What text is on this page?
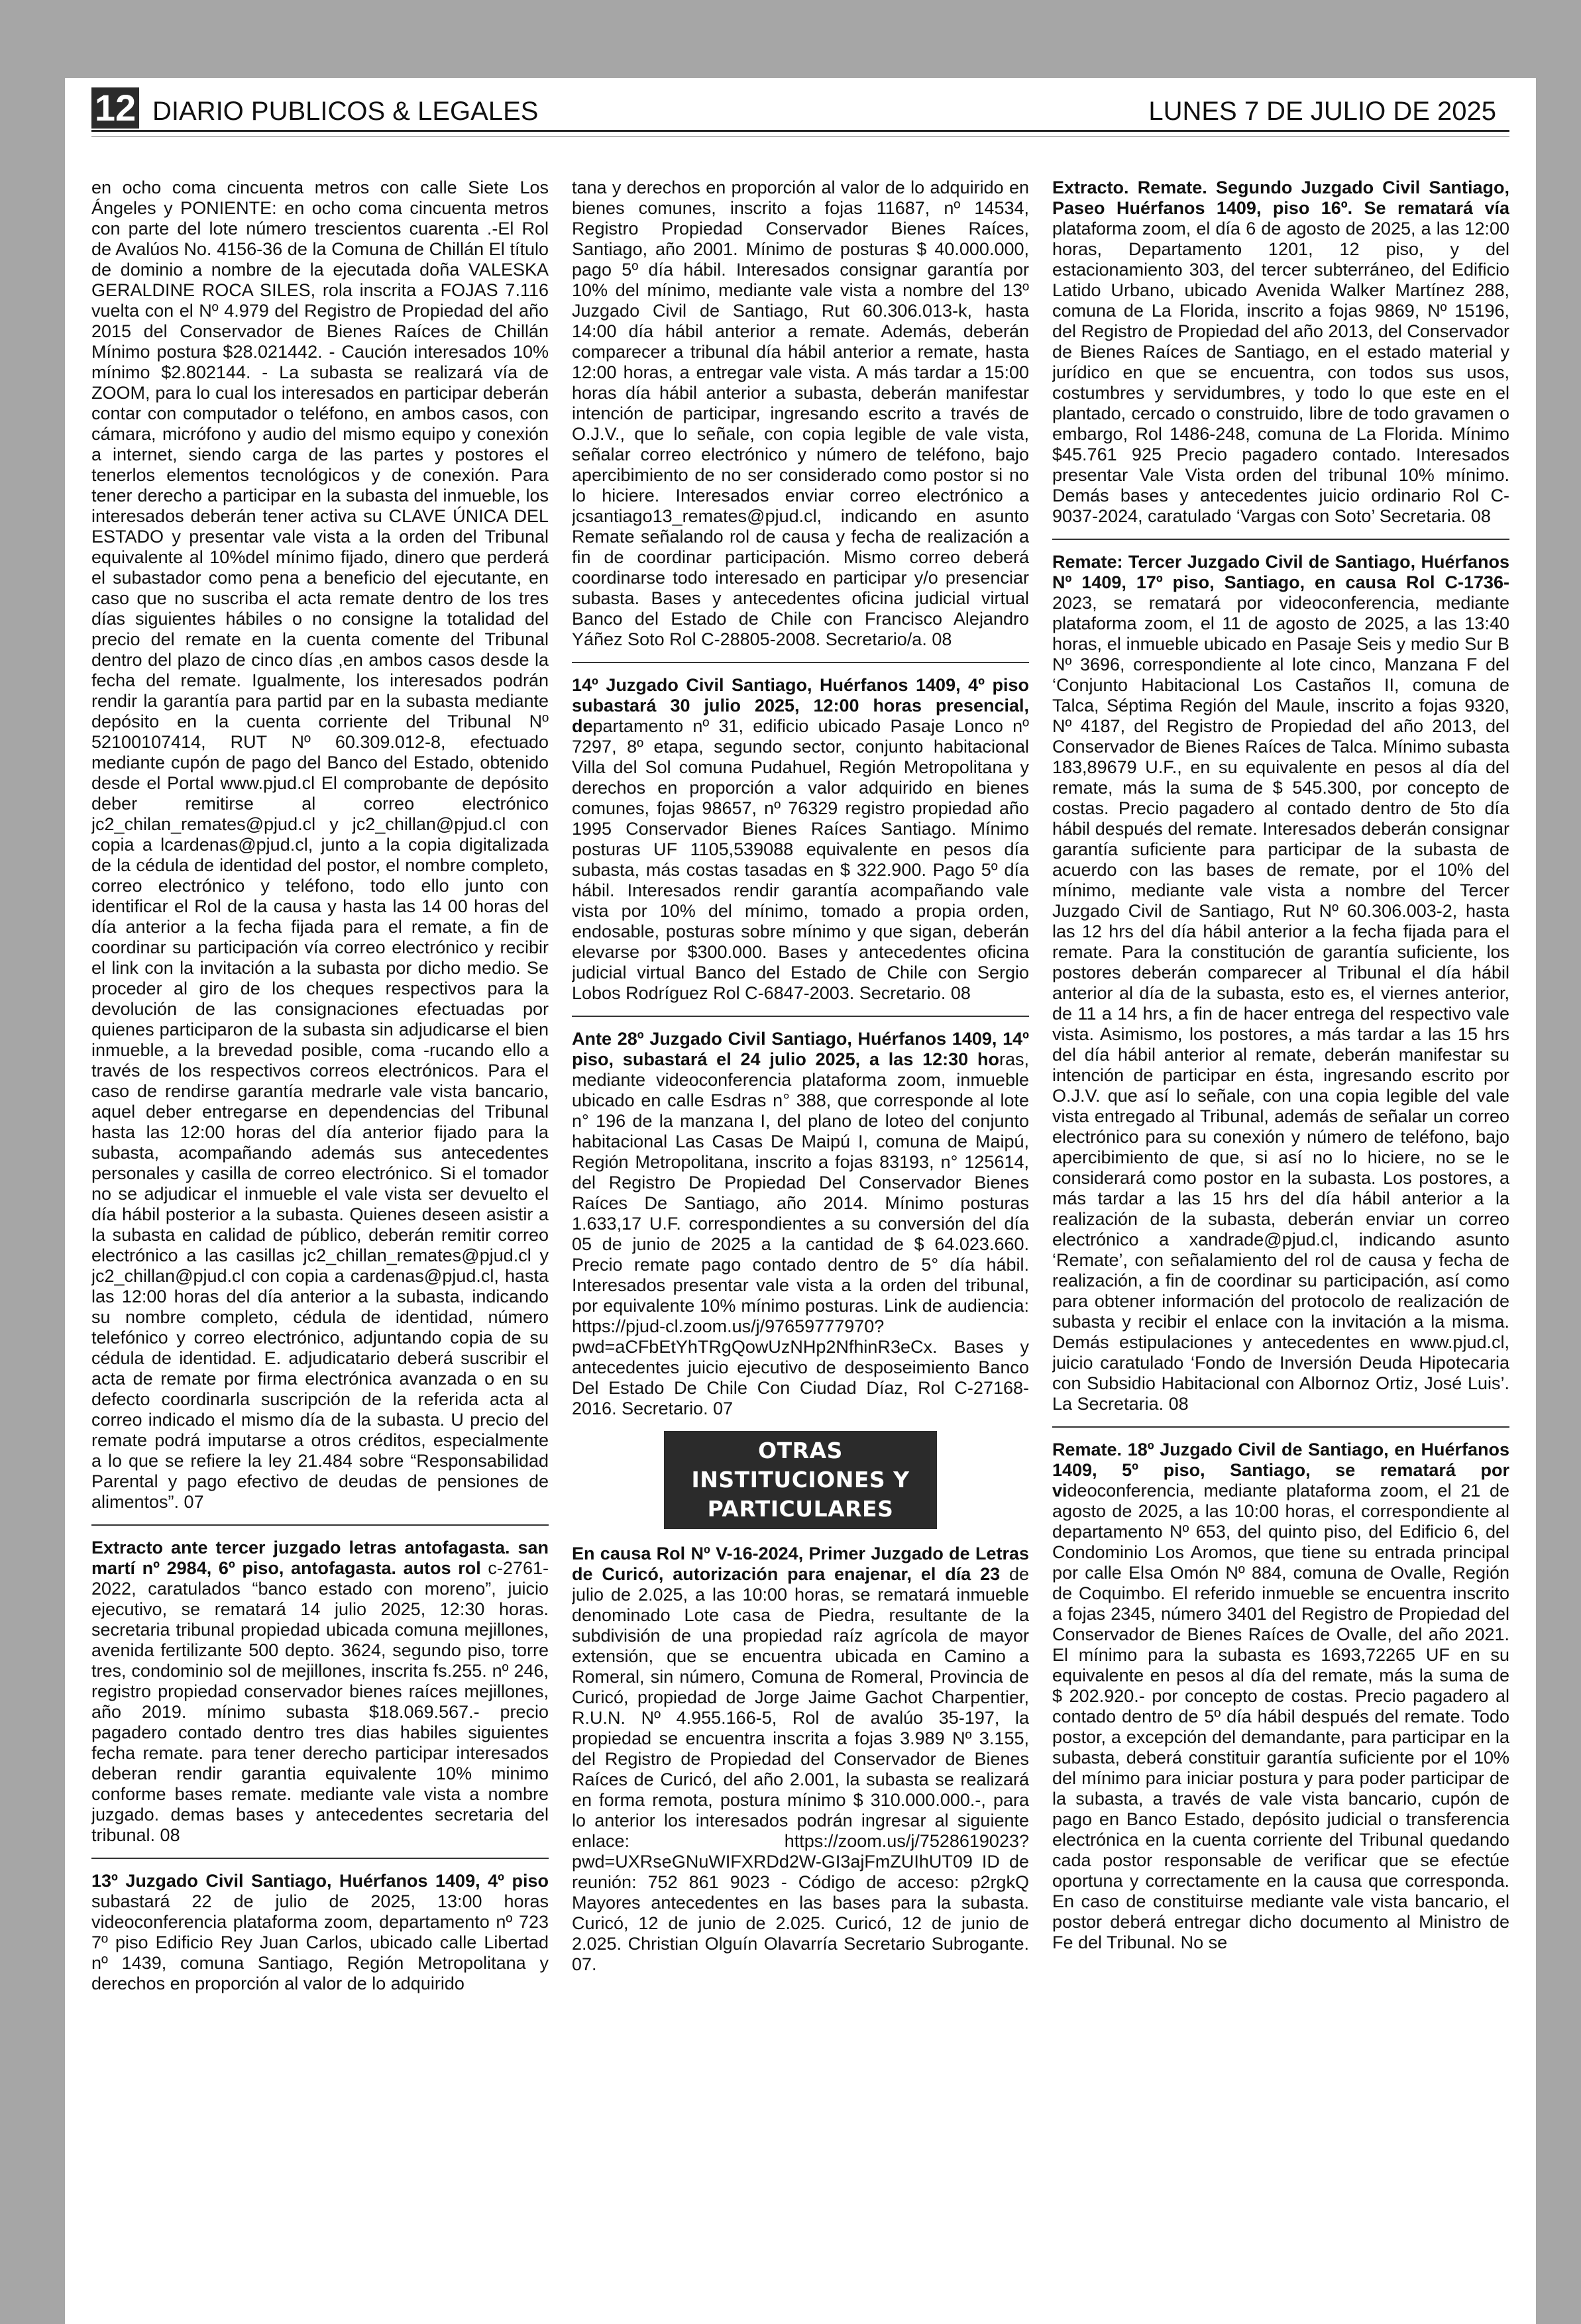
12 DIARIO PUBLICOS & LEGALES	LUNES 7 DE JULIO DE 2025

en ocho coma cincuenta metros con calle Siete Los Ángeles y PONIENTE: en ocho coma cincuenta metros con parte del lote número trescientos cuarenta .-El Rol de Avalúos No. 4156-36 de la Comuna de Chillán El título de dominio a nombre de la ejecutada doña VALESKA GERALDINE ROCA SILES, rola inscrita a FOJAS 7.116 vuelta con el Nº 4.979 del Registro de Propiedad del año 2015 del Conservador de Bienes Raíces de Chillán Mínimo postura $28.021442. - Caución interesados 10% mínimo $2.802144. - La subasta se realizará vía de ZOOM, para lo cual los interesados en participar deberán contar con computador o teléfono, en ambos casos, con cámara, micrófono y audio del mismo equipo y conexión a internet, siendo carga de las partes y postores el tenerlos elementos tecnológicos y de conexión. Para tener derecho a participar en la subasta del inmueble, los interesados deberán tener activa su CLAVE ÚNICA DEL ESTADO y presentar vale vista a la orden del Tribunal equivalente al 10%del mínimo fijado, dinero que perderá el subastador como pena a beneficio del ejecutante, en caso que no suscriba el acta remate dentro de los tres días siguientes hábiles o no consigne la totalidad del precio del remate en la cuenta comente del Tribunal dentro del plazo de cinco días ,en ambos casos desde la fecha del remate. Igualmente, los interesados podrán rendir la garantía para partid par en la subasta mediante depósito en la cuenta corriente del Tribunal Nº 52100107414, RUT Nº 60.309.012-8, efectuado mediante cupón de pago del Banco del Estado, obtenido desde el Portal www.pjud.cl El comprobante de depósito deber remitirse al correo electrónico jc2_chilan_remates@pjud.cl y jc2_chillan@pjud.cl con copia a lcardenas@pjud.cl, junto a la copia digitalizada de la cédula de identidad del postor, el nombre completo, correo electrónico y teléfono, todo ello junto con identificar el Rol de la causa y hasta las 14 00 horas del día anterior a la fecha fijada para el remate, a fin de coordinar su participación vía correo electrónico y recibir el link con la invitación a la subasta por dicho medio. Se proceder al giro de los cheques respectivos para la devolución de las consignaciones efectuadas por quienes participaron de la subasta sin adjudicarse el bien inmueble, a la brevedad posible, coma -rucando ello a través de los respectivos correos electrónicos. Para el caso de rendirse garantía medrarle vale vista bancario, aquel deber entregarse en dependencias del Tribunal hasta las 12:00 horas del día anterior fijado para la subasta, acompañando además sus antecedentes personales y casilla de correo electrónico. Si el tomador no se adjudicar el inmueble el vale vista ser devuelto el día hábil posterior a la subasta. Quienes deseen asistir a la subasta en calidad de público, deberán remitir correo electrónico a las casillas jc2_chillan_remates@pjud.cl y jc2_chillan@pjud.cl con copia a cardenas@pjud.cl, hasta las 12:00 horas del día anterior a la subasta, indicando su nombre completo, cédula de identidad, número telefónico y correo electrónico, adjuntando copia de su cédula de identidad. E. adjudicatario deberá suscribir el acta de remate por firma electrónica avanzada o en su defecto coordinarla suscripción de la referida acta al correo indicado el mismo día de la subasta. U precio del remate podrá imputarse a otros créditos, especialmente a lo que se refiere la ley 21.484 sobre “Responsabilidad Parental y pago efectivo de deudas de pensiones de alimentos”. 07

Extracto ante tercer juzgado letras antofagasta. san martí nº 2984, 6º piso, antofagasta. autos rol c-2761-2022, caratulados “banco estado con moreno”, juicio ejecutivo, se rematará 14 julio 2025, 12:30 horas. secretaria tribunal propiedad ubicada comuna mejillones, avenida fertilizante 500 depto. 3624, segundo piso, torre tres, condominio sol de mejillones, inscrita fs.255. nº 246, registro propiedad conservador bienes raíces mejillones, año 2019. mínimo subasta $18.069.567.- precio pagadero contado dentro tres dias habiles siguientes fecha remate. para tener derecho participar interesados deberan rendir garantia equivalente 10% minimo conforme bases remate. mediante vale vista a nombre juzgado. demas bases y antecedentes secretaria del tribunal. 08

13º Juzgado Civil Santiago, Huérfanos 1409, 4º piso subastará 22 de julio de 2025, 13:00 horas videoconferencia plataforma zoom, departamento nº 723 7º piso Edificio Rey Juan Carlos, ubicado calle Libertad nº 1439, comuna Santiago, Región Metropolitana y derechos en proporción al valor de lo adquirido

tana y derechos en proporción al valor de lo adquirido en bienes comunes, inscrito a fojas 11687, nº 14534, Registro Propiedad Conservador Bienes Raíces, Santiago, año 2001. Mínimo de posturas $ 40.000.000, pago 5º día hábil. Interesados consignar garantía por 10% del mínimo, mediante vale vista a nombre del 13º Juzgado Civil de Santiago, Rut 60.306.013-k, hasta 14:00 día hábil anterior a remate. Además, deberán comparecer a tribunal día hábil anterior a remate, hasta 12:00 horas, a entregar vale vista. A más tardar a 15:00 horas día hábil anterior a subasta, deberán manifestar intención de participar, ingresando escrito a través de O.J.V., que lo señale, con copia legible de vale vista, señalar correo electrónico y número de teléfono, bajo apercibimiento de no ser considerado como postor si no lo hiciere. Interesados enviar correo electrónico a jcsantiago13_remates@pjud.cl, indicando en asunto Remate señalando rol de causa y fecha de realización a fin de coordinar participación. Mismo correo deberá coordinarse todo interesado en participar y/o presenciar subasta. Bases y antecedentes oficina judicial virtual Banco del Estado de Chile con Francisco Alejandro Yáñez Soto Rol C-28805-2008. Secretario/a. 08

14º Juzgado Civil Santiago, Huérfanos 1409, 4º piso subastará 30 julio 2025, 12:00 horas presencial, departamento nº 31, edificio ubicado Pasaje Lonco nº 7297, 8º etapa, segundo sector, conjunto habitacional Villa del Sol comuna Pudahuel, Región Metropolitana y derechos en proporción a valor adquirido en bienes comunes, fojas 98657, nº 76329 registro propiedad año 1995 Conservador Bienes Raíces Santiago. Mínimo posturas UF 1105,539088 equivalente en pesos día subasta, más costas tasadas en $ 322.900. Pago 5º día hábil. Interesados rendir garantía acompañando vale vista por 10% del mínimo, tomado a propia orden, endosable, posturas sobre mínimo y que sigan, deberán elevarse por $300.000. Bases y antecedentes oficina judicial virtual Banco del Estado de Chile con Sergio Lobos Rodríguez Rol C-6847-2003. Secretario. 08

Ante 28º Juzgado Civil Santiago, Huérfanos 1409, 14º piso, subastará el 24 julio 2025, a las 12:30 horas, mediante videoconferencia plataforma zoom, inmueble ubicado en calle Esdras n° 388, que corresponde al lote n° 196 de la manzana I, del plano de loteo del conjunto habitacional Las Casas De Maipú I, comuna de Maipú, Región Metropolitana, inscrito a fojas 83193, n° 125614, del Registro De Propiedad Del Conservador Bienes Raíces De Santiago, año 2014. Mínimo posturas 1.633,17 U.F. correspondientes a su conversión del día 05 de junio de 2025 a la cantidad de $ 64.023.660. Precio remate pago contado dentro de 5° día hábil. Interesados presentar vale vista a la orden del tribunal, por equivalente 10% mínimo posturas. Link de audiencia: https://pjud-cl.zoom.us/j/97659777970?pwd=aCFbEtYhTRgQowUzNHp2NfhinR3eCx. Bases y antecedentes juicio ejecutivo de desposeimiento Banco Del Estado De Chile Con Ciudad Díaz, Rol C-27168-2016. Secretario. 07

OTRAS INSTITUCIONES Y PARTICULARES

En causa Rol Nº V-16-2024, Primer Juzgado de Letras de Curicó, autorización para enajenar, el día 23 de julio de 2.025, a las 10:00 horas, se rematará inmueble denominado Lote casa de Piedra, resultante de la subdivisión de una propiedad raíz agrícola de mayor extensión, que se encuentra ubicada en Camino a Romeral, sin número, Comuna de Romeral, Provincia de Curicó, propiedad de Jorge Jaime Gachot Charpentier, R.U.N. Nº 4.955.166-5, Rol de avalúo 35-197, la propiedad se encuentra inscrita a fojas 3.989 Nº 3.155, del Registro de Propiedad del Conservador de Bienes Raíces de Curicó, del año 2.001, la subasta se realizará en forma remota, postura mínimo $ 310.000.000.-, para lo anterior los interesados podrán ingresar al siguiente enlace: https://zoom.us/j/7528619023?pwd=UXRseGNuWIFXRDd2W-GI3ajFmZUIhUT09 ID de reunión: 752 861 9023 - Código de acceso: p2rgkQ Mayores antecedentes en las bases para la subasta. Curicó, 12 de junio de 2.025. Curicó, 12 de junio de 2.025. Christian Olguín Olavarría Secretario Subrogante. 07.

Extracto. Remate. Segundo Juzgado Civil Santiago, Paseo Huérfanos 1409, piso 16º. Se rematará vía plataforma zoom, el día 6 de agosto de 2025, a las 12:00 horas, Departamento 1201, 12 piso, y del estacionamiento 303, del tercer subterráneo, del Edificio Latido Urbano, ubicado Avenida Walker Martínez 288, comuna de La Florida, inscrito a fojas 9869, Nº 15196, del Registro de Propiedad del año 2013, del Conservador de Bienes Raíces de Santiago, en el estado material y jurídico en que se encuentra, con todos sus usos, costumbres y servidumbres, y todo lo que este en el plantado, cercado o construido, libre de todo gravamen o embargo, Rol 1486-248, comuna de La Florida. Mínimo $45.761 925 Precio pagadero contado. Interesados presentar Vale Vista orden del tribunal 10% mínimo. Demás bases y antecedentes juicio ordinario Rol C-9037-2024, caratulado ‘Vargas con Soto’ Secretaria. 08

Remate: Tercer Juzgado Civil de Santiago, Huérfanos Nº 1409, 17º piso, Santiago, en causa Rol C-1736-2023, se rematará por videoconferencia, mediante plataforma zoom, el 11 de agosto de 2025, a las 13:40 horas, el inmueble ubicado en Pasaje Seis y medio Sur B Nº 3696, correspondiente al lote cinco, Manzana F del ‘Conjunto Habitacional Los Castaños II, comuna de Talca, Séptima Región del Maule, inscrito a fojas 9320, Nº 4187, del Registro de Propiedad del año 2013, del Conservador de Bienes Raíces de Talca. Mínimo subasta 183,89679 U.F., en su equivalente en pesos al día del remate, más la suma de $ 545.300, por concepto de costas. Precio pagadero al contado dentro de 5to día hábil después del remate. Interesados deberán consignar garantía suficiente para participar de la subasta de acuerdo con las bases de remate, por el 10% del mínimo, mediante vale vista a nombre del Tercer Juzgado Civil de Santiago, Rut Nº 60.306.003-2, hasta las 12 hrs del día hábil anterior a la fecha fijada para el remate. Para la constitución de garantía suficiente, los postores deberán comparecer al Tribunal el día hábil anterior al día de la subasta, esto es, el viernes anterior, de 11 a 14 hrs, a fin de hacer entrega del respectivo vale vista. Asimismo, los postores, a más tardar a las 15 hrs del día hábil anterior al remate, deberán manifestar su intención de participar en ésta, ingresando escrito por O.J.V. que así lo señale, con una copia legible del vale vista entregado al Tribunal, además de señalar un correo electrónico para su conexión y número de teléfono, bajo apercibimiento de que, si así no lo hiciere, no se le considerará como postor en la subasta. Los postores, a más tardar a las 15 hrs del día hábil anterior a la realización de la subasta, deberán enviar un correo electrónico a xandrade@pjud.cl, indicando asunto ‘Remate’, con señalamiento del rol de causa y fecha de realización, a fin de coordinar su participación, así como para obtener información del protocolo de realización de subasta y recibir el enlace con la invitación a la misma. Demás estipulaciones y antecedentes en www.pjud.cl, juicio caratulado ‘Fondo de Inversión Deuda Hipotecaria con Subsidio Habitacional con Albornoz Ortiz, José Luis’. La Secretaria. 08

Remate. 18º Juzgado Civil de Santiago, en Huérfanos 1409, 5º piso, Santiago, se rematará por videoconferencia, mediante plataforma zoom, el 21 de agosto de 2025, a las 10:00 horas, el correspondiente al departamento Nº 653, del quinto piso, del Edificio 6, del Condominio Los Aromos, que tiene su entrada principal por calle Elsa Omón Nº 884, comuna de Ovalle, Región de Coquimbo. El referido inmueble se encuentra inscrito a fojas 2345, número 3401 del Registro de Propiedad del Conservador de Bienes Raíces de Ovalle, del año 2021. El mínimo para la subasta es 1693,72265 UF en su equivalente en pesos al día del remate, más la suma de $ 202.920.- por concepto de costas. Precio pagadero al contado dentro de 5º día hábil después del remate. Todo postor, a excepción del demandante, para participar en la subasta, deberá constituir garantía suficiente por el 10% del mínimo para iniciar postura y para poder participar de la subasta, a través de vale vista bancario, cupón de pago en Banco Estado, depósito judicial o transferencia electrónica en la cuenta corriente del Tribunal quedando cada postor responsable de verificar que se efectúe oportuna y correctamente en la causa que corresponda. En caso de constituirse mediante vale vista bancario, el postor deberá entregar dicho documento al Ministro de Fe del Tribunal. No se
